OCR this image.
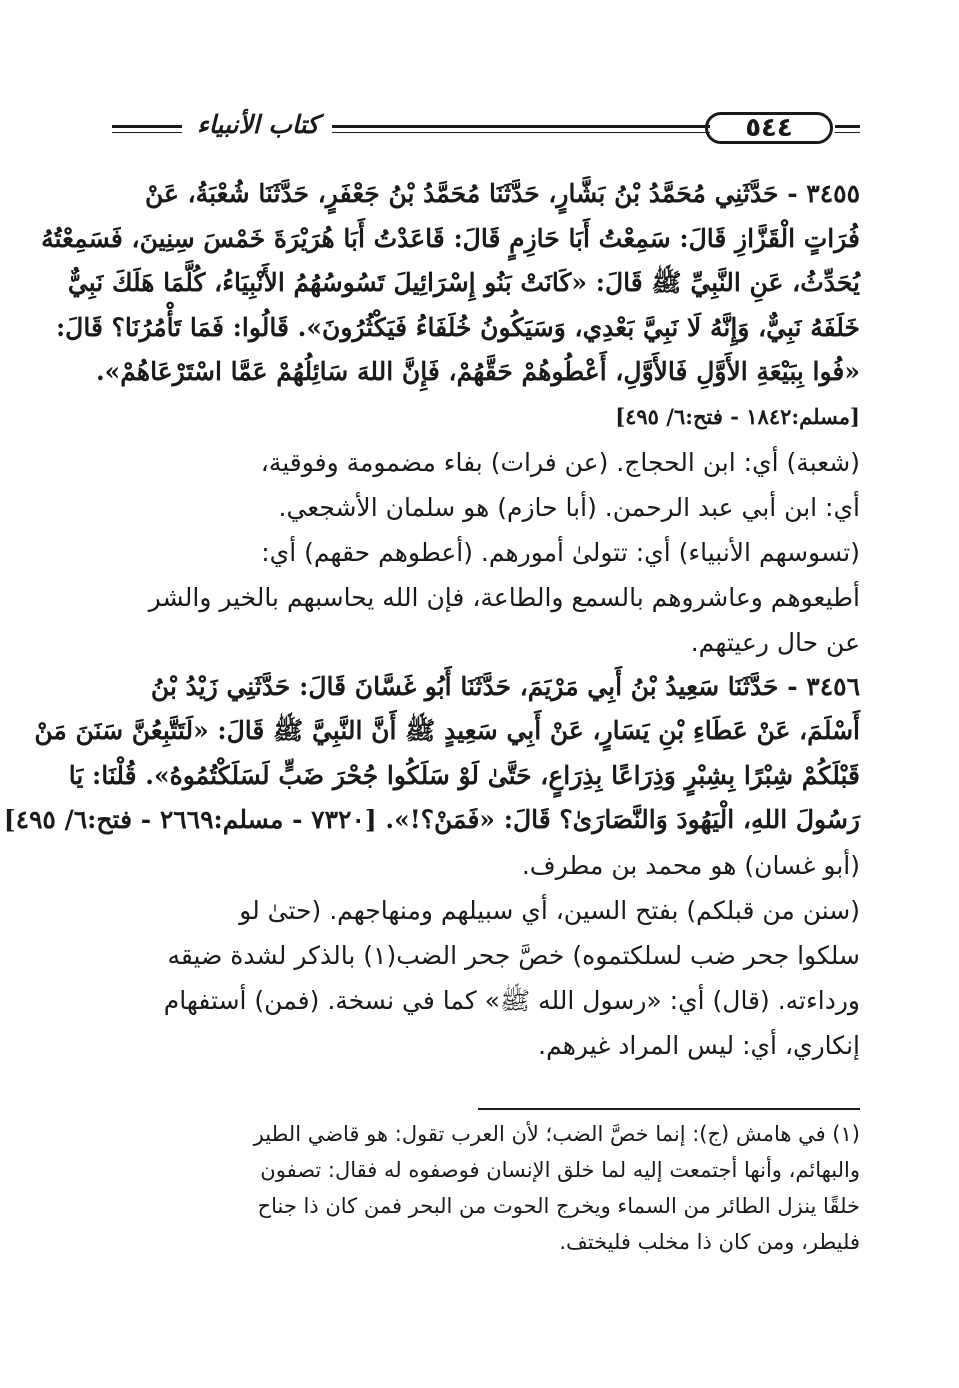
٥٤٤
كتاب الأنبياء
٣٤٥٥ - حَدَّثَنِي مُحَمَّدُ بْنُ بَشَّارٍ، حَدَّثَنَا مُحَمَّدُ بْنُ جَعْفَرٍ، حَدَّثَنَا شُعْبَةُ، عَنْ
فُرَاتٍ الْقَزَّازِ قَالَ: سَمِعْتُ أَبَا حَازِمٍ قَالَ: قَاعَدْتُ أَبَا هُرَيْرَةَ خَمْسَ سِنِينَ، فَسَمِعْتُهُ
يُحَدِّثُ، عَنِ النَّبِيِّ ﷺ قَالَ: «كَانَتْ بَنُو إِسْرَائِيلَ تَسُوسُهُمُ الأَنْبِيَاءُ، كُلَّمَا هَلَكَ نَبِيٌّ
خَلَفَهُ نَبِيٌّ، وَإِنَّهُ لَا نَبِيَّ بَعْدِي، وَسَيَكُونُ خُلَفَاءُ فَيَكْثُرُونَ». قَالُوا: فَمَا تَأْمُرُنَا؟ قَالَ:
«فُوا بِبَيْعَةِ الأَوَّلِ فَالأَوَّلِ، أَعْطُوهُمْ حَقَّهُمْ، فَإِنَّ اللهَ سَائِلُهُمْ عَمَّا اسْتَرْعَاهُمْ».
[مسلم:١٨٤٢ - فتح:٦/ ٤٩٥]
(شعبة) أي: ابن الحجاج. (عن فرات) بفاء مضمومة وفوقية،
أي: ابن أبي عبد الرحمن. (أبا حازم) هو سلمان الأشجعي.
(تسوسهم الأنبياء) أي: تتولىٰ أمورهم. (أعطوهم حقهم) أي:
أطيعوهم وعاشروهم بالسمع والطاعة، فإن الله يحاسبهم بالخير والشر
عن حال رعيتهم.
٣٤٥٦ - حَدَّثَنَا سَعِيدُ بْنُ أَبِي مَرْيَمَ، حَدَّثَنَا أَبُو غَسَّانَ قَالَ: حَدَّثَنِي زَيْدُ بْنُ
أَسْلَمَ، عَنْ عَطَاءِ بْنِ يَسَارٍ، عَنْ أَبِي سَعِيدٍ ﷺ أَنَّ النَّبِيَّ ﷺ قَالَ: «لَتَتَّبِعُنَّ سَنَنَ مَنْ
قَبْلَكُمْ شِبْرًا بِشِبْرٍ وَذِرَاعًا بِذِرَاعٍ، حَتَّىٰ لَوْ سَلَكُوا جُحْرَ ضَبٍّ لَسَلَكْتُمُوهُ». قُلْنَا: يَا
رَسُولَ اللهِ، الْيَهُودَ وَالنَّصَارَىٰ؟ قَالَ: «فَمَنْ؟!». [٧٣٢٠ - مسلم:٢٦٦٩ - فتح:٦/ ٤٩٥]
(أبو غسان) هو محمد بن مطرف.
(سنن من قبلكم) بفتح السين، أي سبيلهم ومنهاجهم. (حتىٰ لو
سلكوا جحر ضب لسلكتموه) خصَّ جحر الضب(١) بالذكر لشدة ضيقه
ورداءته. (قال) أي: «رسول الله ﷺ» كما في نسخة. (فمن) أستفهام
إنكاري، أي: ليس المراد غيرهم.
(١) في هامش (ج): إنما خصَّ الضب؛ لأن العرب تقول: هو قاضي الطير
والبهائم، وأنها أجتمعت إليه لما خلق الإنسان فوصفوه له فقال: تصفون
خلقًا ينزل الطائر من السماء ويخرج الحوت من البحر فمن كان ذا جناح
فليطر، ومن كان ذا مخلب فليختف.
